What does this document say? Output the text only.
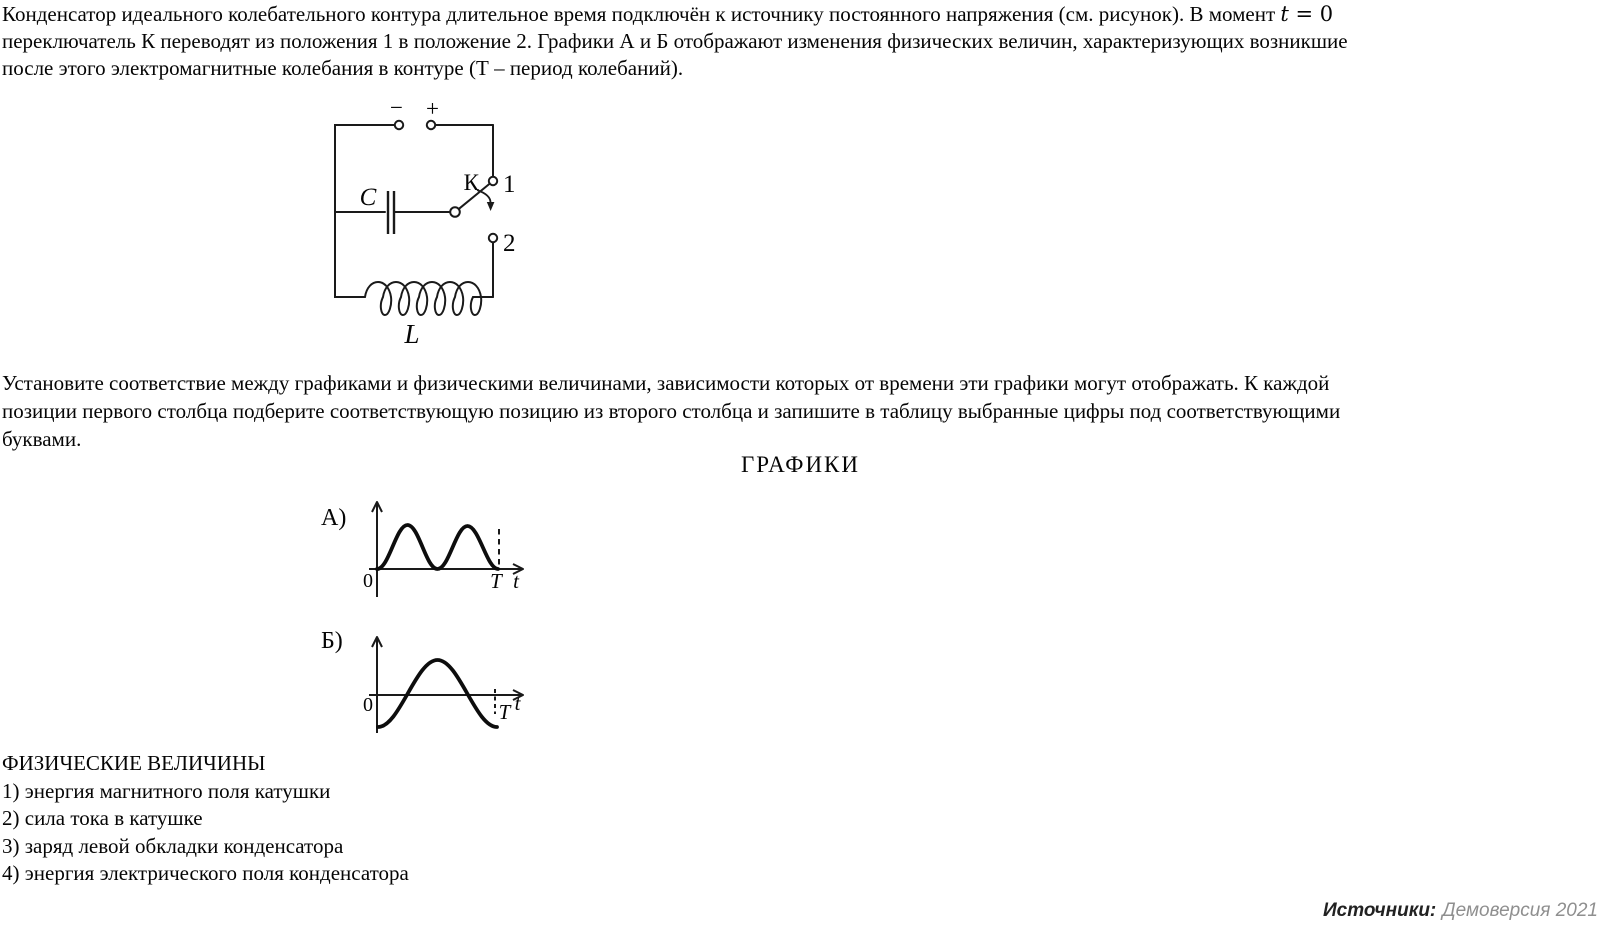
Конденсатор идеального колебательного контура длительное время подключён к источнику постоянного напряжения (см. рисунок). В момент t = 0
переключатель К переводят из положения 1 в положение 2. Графики А и Б отображают изменения физических величин, характеризующих возникшие
после этого электромагнитные колебания в контуре (Т – период колебаний).
− +
К 1
2
C
L
Установите соответствие между графиками и физическими величинами, зависимости которых от времени эти графики могут отображать. К каждой
позиции первого столбца подберите соответствующую позицию из второго столбца и запишите в таблицу выбранные цифры под соответствующими
буквами.
ГРАФИКИ
А)
0	T t
Б)
0	T t
ФИЗИЧЕСКИЕ ВЕЛИЧИНЫ
1) энергия магнитного поля катушки
2) сила тока в катушке
3) заряд левой обкладки конденсатора
4) энергия электрического поля конденсатора
Источники: Демоверсия 2021
